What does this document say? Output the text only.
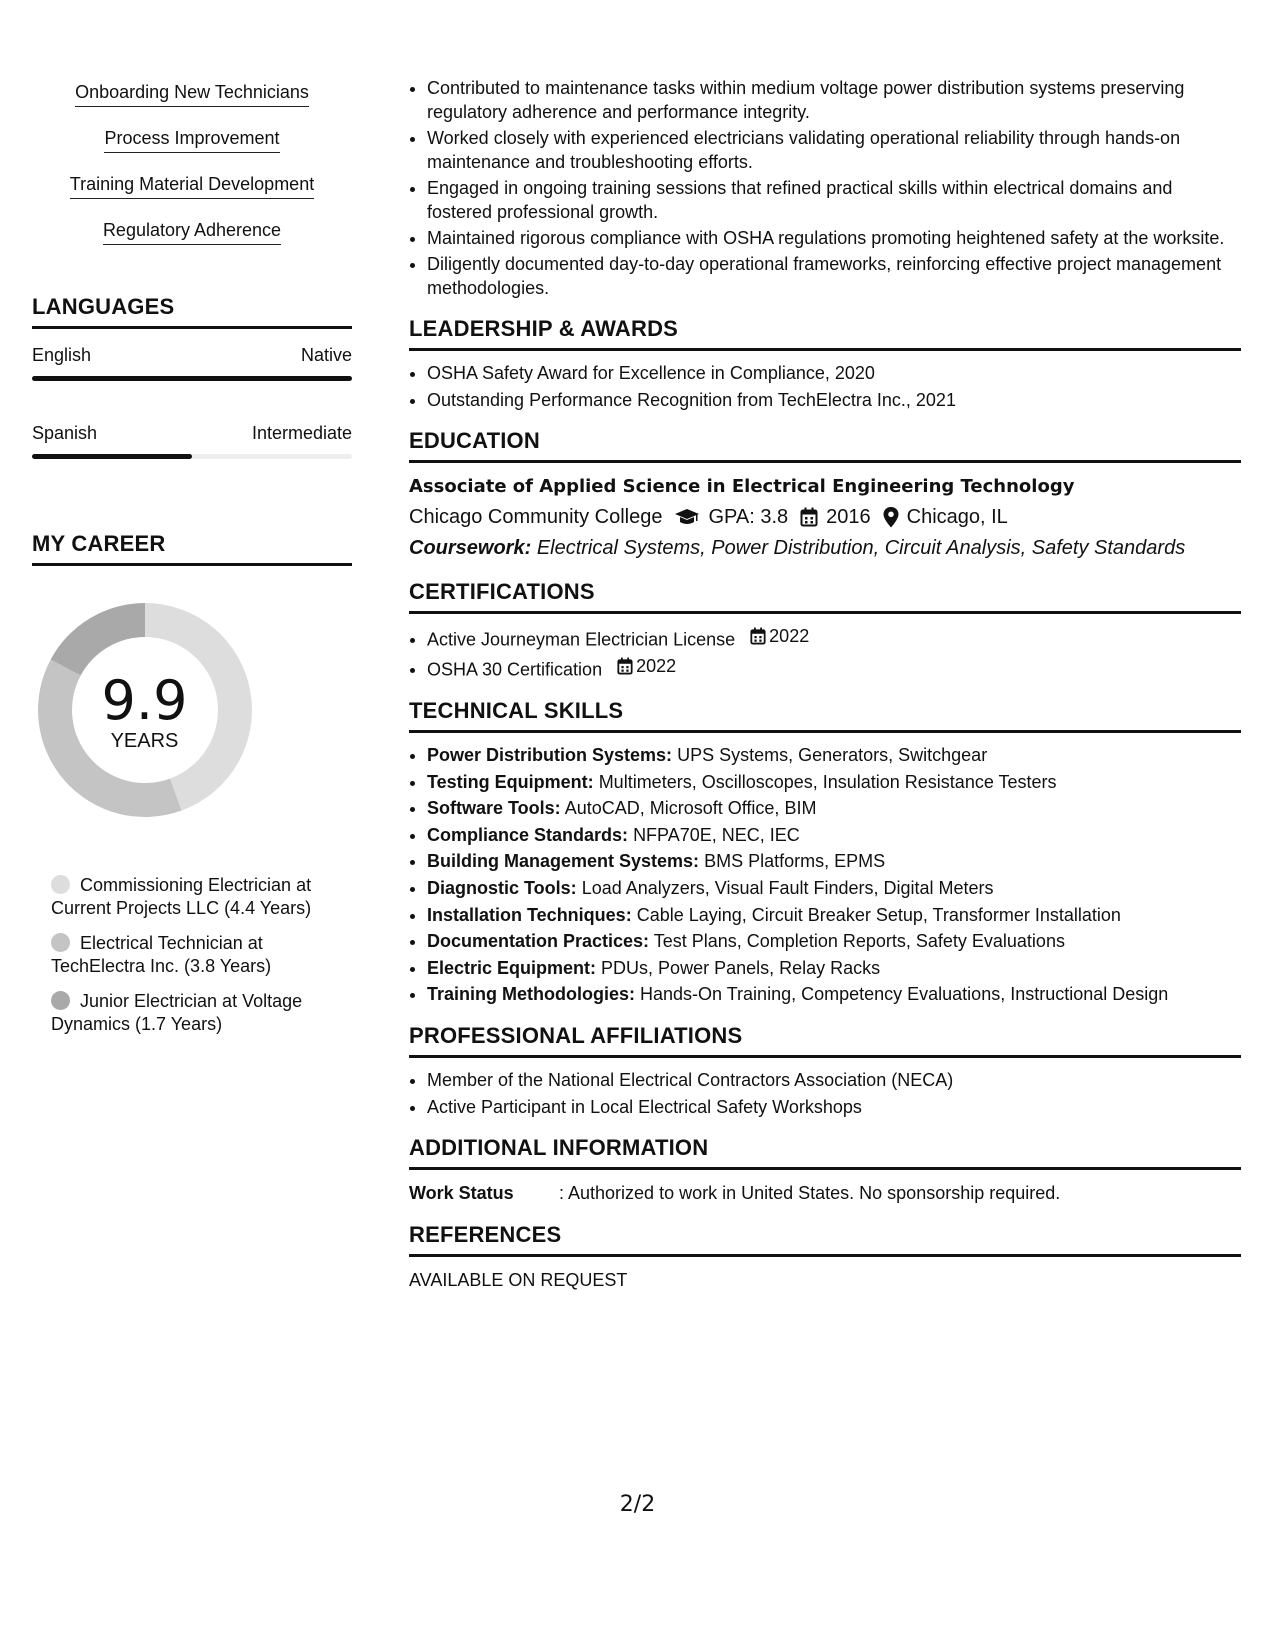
Onboarding New Technicians
Process Improvement
Training Material Development
Regulatory Adherence
LANGUAGES
English	Native
Spanish	Intermediate
MY CAREER
9.9
YEARS
Commissioning Electrician at Current Projects LLC (4.4 Years)
Electrical Technician at TechElectra Inc. (3.8 Years)
Junior Electrician at Voltage Dynamics (1.7 Years)
• Contributed to maintenance tasks within medium voltage power distribution systems preserving regulatory adherence and performance integrity.
• Worked closely with experienced electricians validating operational reliability through hands-on maintenance and troubleshooting efforts.
• Engaged in ongoing training sessions that refined practical skills within electrical domains and fostered professional growth.
• Maintained rigorous compliance with OSHA regulations promoting heightened safety at the worksite.
• Diligently documented day-to-day operational frameworks, reinforcing effective project management methodologies.
LEADERSHIP & AWARDS
• OSHA Safety Award for Excellence in Compliance, 2020
• Outstanding Performance Recognition from TechElectra Inc., 2021
EDUCATION
Associate of Applied Science in Electrical Engineering Technology
Chicago Community College GPA: 3.8 2016 Chicago, IL
Coursework: Electrical Systems, Power Distribution, Circuit Analysis, Safety Standards
CERTIFICATIONS
• Active Journeyman Electrician License 2022
• OSHA 30 Certification 2022
TECHNICAL SKILLS
• Power Distribution Systems: UPS Systems, Generators, Switchgear
• Testing Equipment: Multimeters, Oscilloscopes, Insulation Resistance Testers
• Software Tools: AutoCAD, Microsoft Office, BIM
• Compliance Standards: NFPA70E, NEC, IEC
• Building Management Systems: BMS Platforms, EPMS
• Diagnostic Tools: Load Analyzers, Visual Fault Finders, Digital Meters
• Installation Techniques: Cable Laying, Circuit Breaker Setup, Transformer Installation
• Documentation Practices: Test Plans, Completion Reports, Safety Evaluations
• Electric Equipment: PDUs, Power Panels, Relay Racks
• Training Methodologies: Hands-On Training, Competency Evaluations, Instructional Design
PROFESSIONAL AFFILIATIONS
• Member of the National Electrical Contractors Association (NECA)
• Active Participant in Local Electrical Safety Workshops
ADDITIONAL INFORMATION
Work Status	: Authorized to work in United States. No sponsorship required.
REFERENCES
AVAILABLE ON REQUEST
2/2
